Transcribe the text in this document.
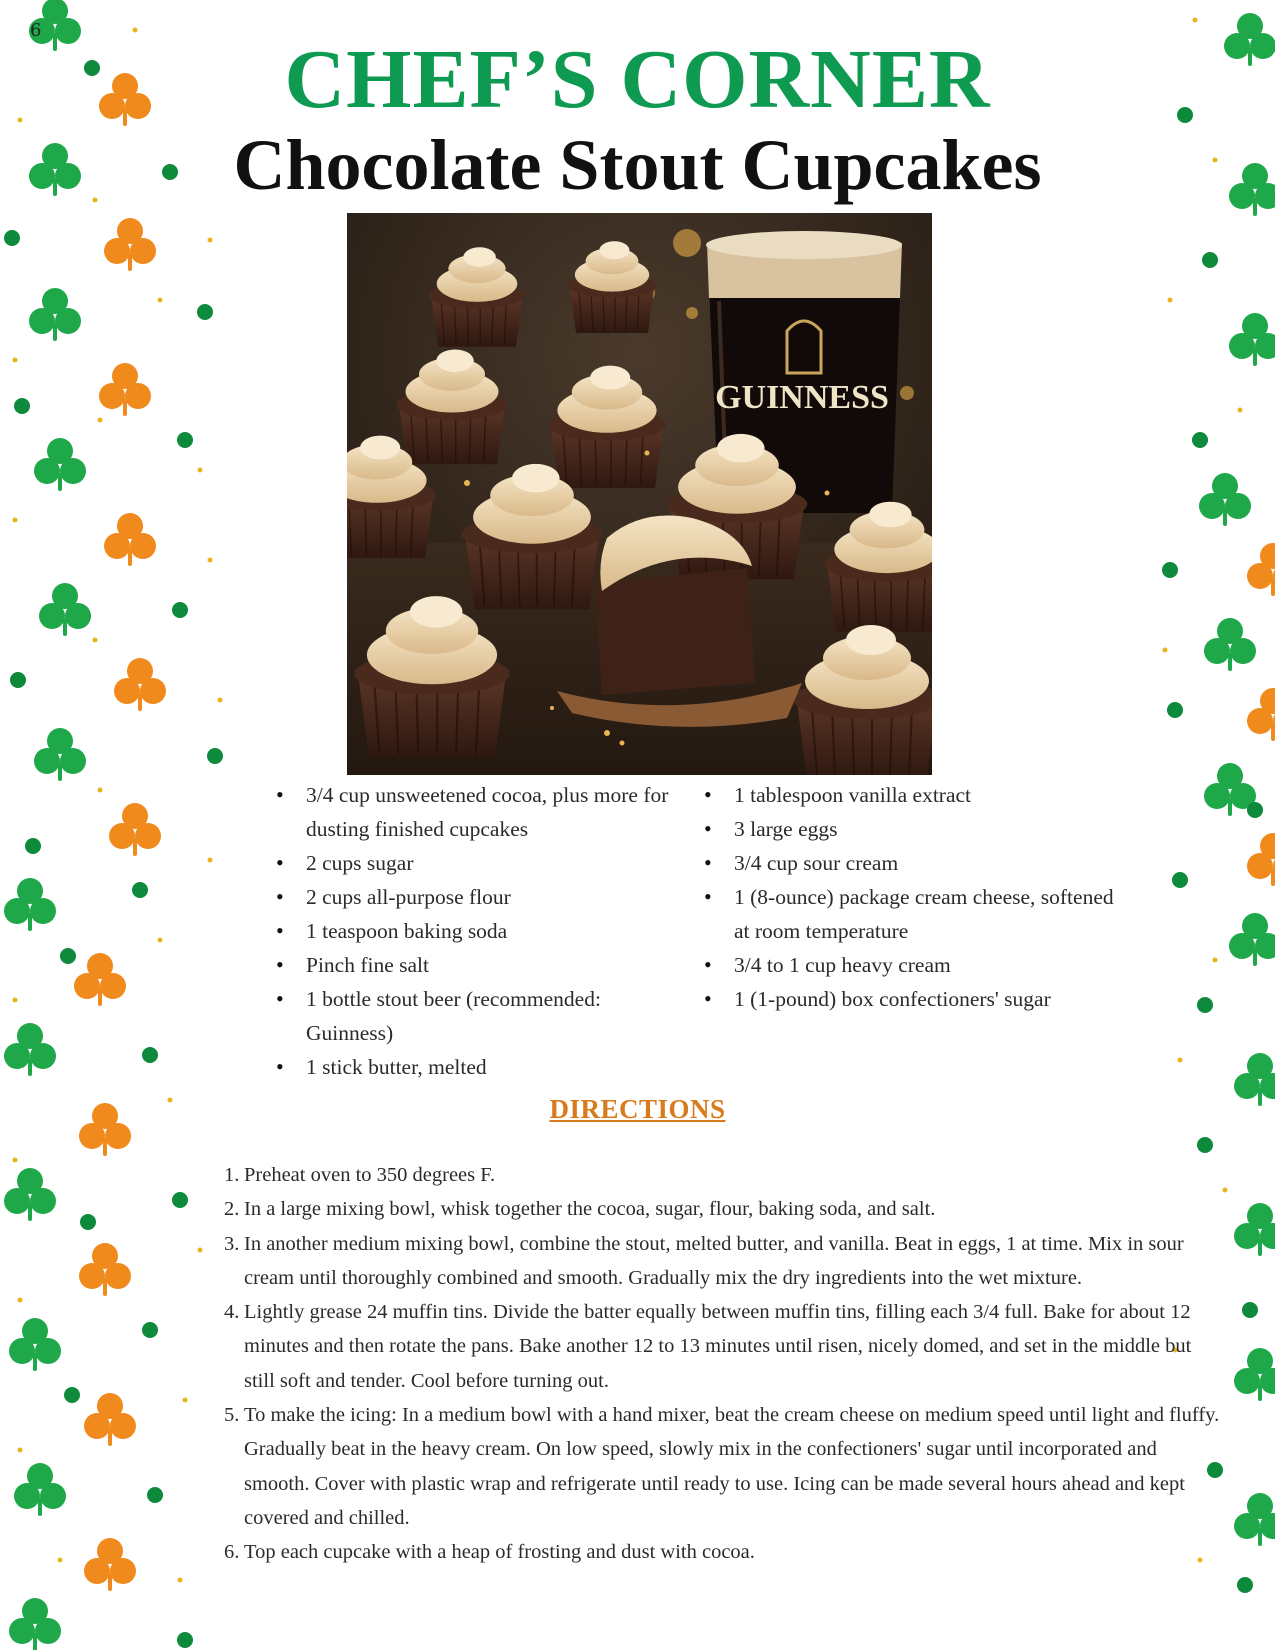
6
CHEF’S CORNER
Chocolate Stout Cupcakes
GUINNESS
• 3/4 cup unsweetened cocoa, plus more for dusting finished cupcakes
• 2 cups sugar
• 2 cups all-purpose flour
• 1 teaspoon baking soda
• Pinch fine salt
• 1 bottle stout beer (recommended: Guinness)
• 1 stick butter, melted
• 1 tablespoon vanilla extract
• 3 large eggs
• 3/4 cup sour cream
• 1 (8-ounce) package cream cheese, softened at room temperature
• 3/4 to 1 cup heavy cream
• 1 (1-pound) box confectioners' sugar
DIRECTIONS
1. Preheat oven to 350 degrees F.
2. In a large mixing bowl, whisk together the cocoa, sugar, flour, baking soda, and salt.
3. In another medium mixing bowl, combine the stout, melted butter, and vanilla. Beat in eggs, 1 at time. Mix in sour cream until thoroughly combined and smooth. Gradually mix the dry ingredients into the wet mixture.
4. Lightly grease 24 muffin tins. Divide the batter equally between muffin tins, filling each 3/4 full. Bake for about 12 minutes and then rotate the pans. Bake another 12 to 13 minutes until risen, nicely domed, and set in the middle but still soft and tender. Cool before turning out.
5. To make the icing: In a medium bowl with a hand mixer, beat the cream cheese on medium speed until light and fluffy. Gradually beat in the heavy cream. On low speed, slowly mix in the confectioners' sugar until incorporated and smooth. Cover with plastic wrap and refrigerate until ready to use. Icing can be made several hours ahead and kept covered and chilled.
6. Top each cupcake with a heap of frosting and dust with cocoa.
